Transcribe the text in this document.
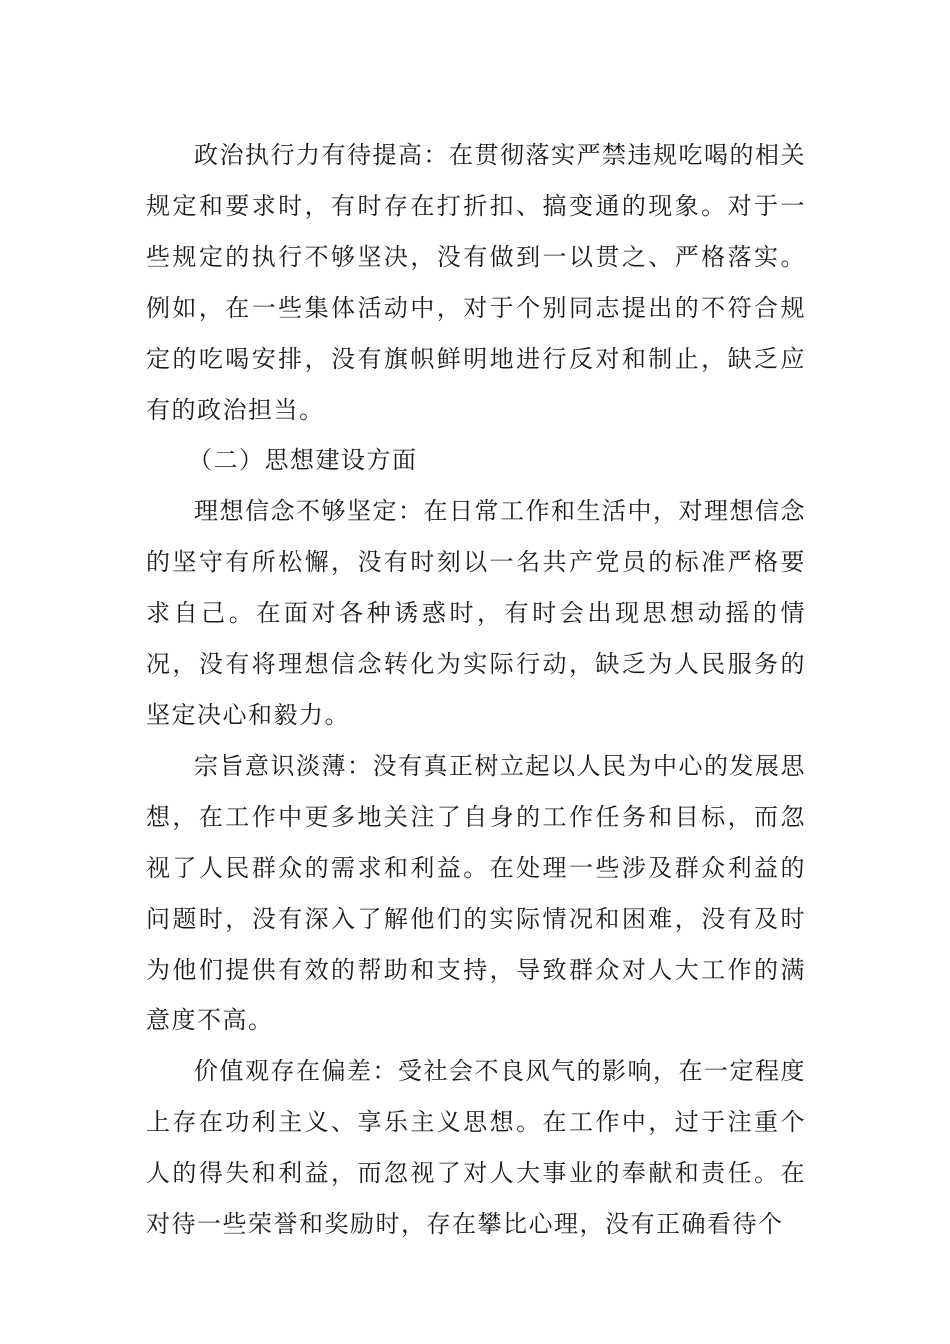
政治执行力有待提高：在贯彻落实严禁违规吃喝的相关规定和要求时，有时存在打折扣、搞变通的现象。对于一些规定的执行不够坚决，没有做到一以贯之、严格落实。例如，在一些集体活动中，对于个别同志提出的不符合规定的吃喝安排，没有旗帜鲜明地进行反对和制止，缺乏应有的政治担当。

（二）思想建设方面

理想信念不够坚定：在日常工作和生活中，对理想信念的坚守有所松懈，没有时刻以一名共产党员的标准严格要求自己。在面对各种诱惑时，有时会出现思想动摇的情况，没有将理想信念转化为实际行动，缺乏为人民服务的坚定决心和毅力。

宗旨意识淡薄：没有真正树立起以人民为中心的发展思想，在工作中更多地关注了自身的工作任务和目标，而忽视了人民群众的需求和利益。在处理一些涉及群众利益的问题时，没有深入了解他们的实际情况和困难，没有及时为他们提供有效的帮助和支持，导致群众对人大工作的满意度不高。

价值观存在偏差：受社会不良风气的影响，在一定程度上存在功利主义、享乐主义思想。在工作中，过于注重个人的得失和利益，而忽视了对人大事业的奉献和责任。在对待一些荣誉和奖励时，存在攀比心理，没有正确看待个
